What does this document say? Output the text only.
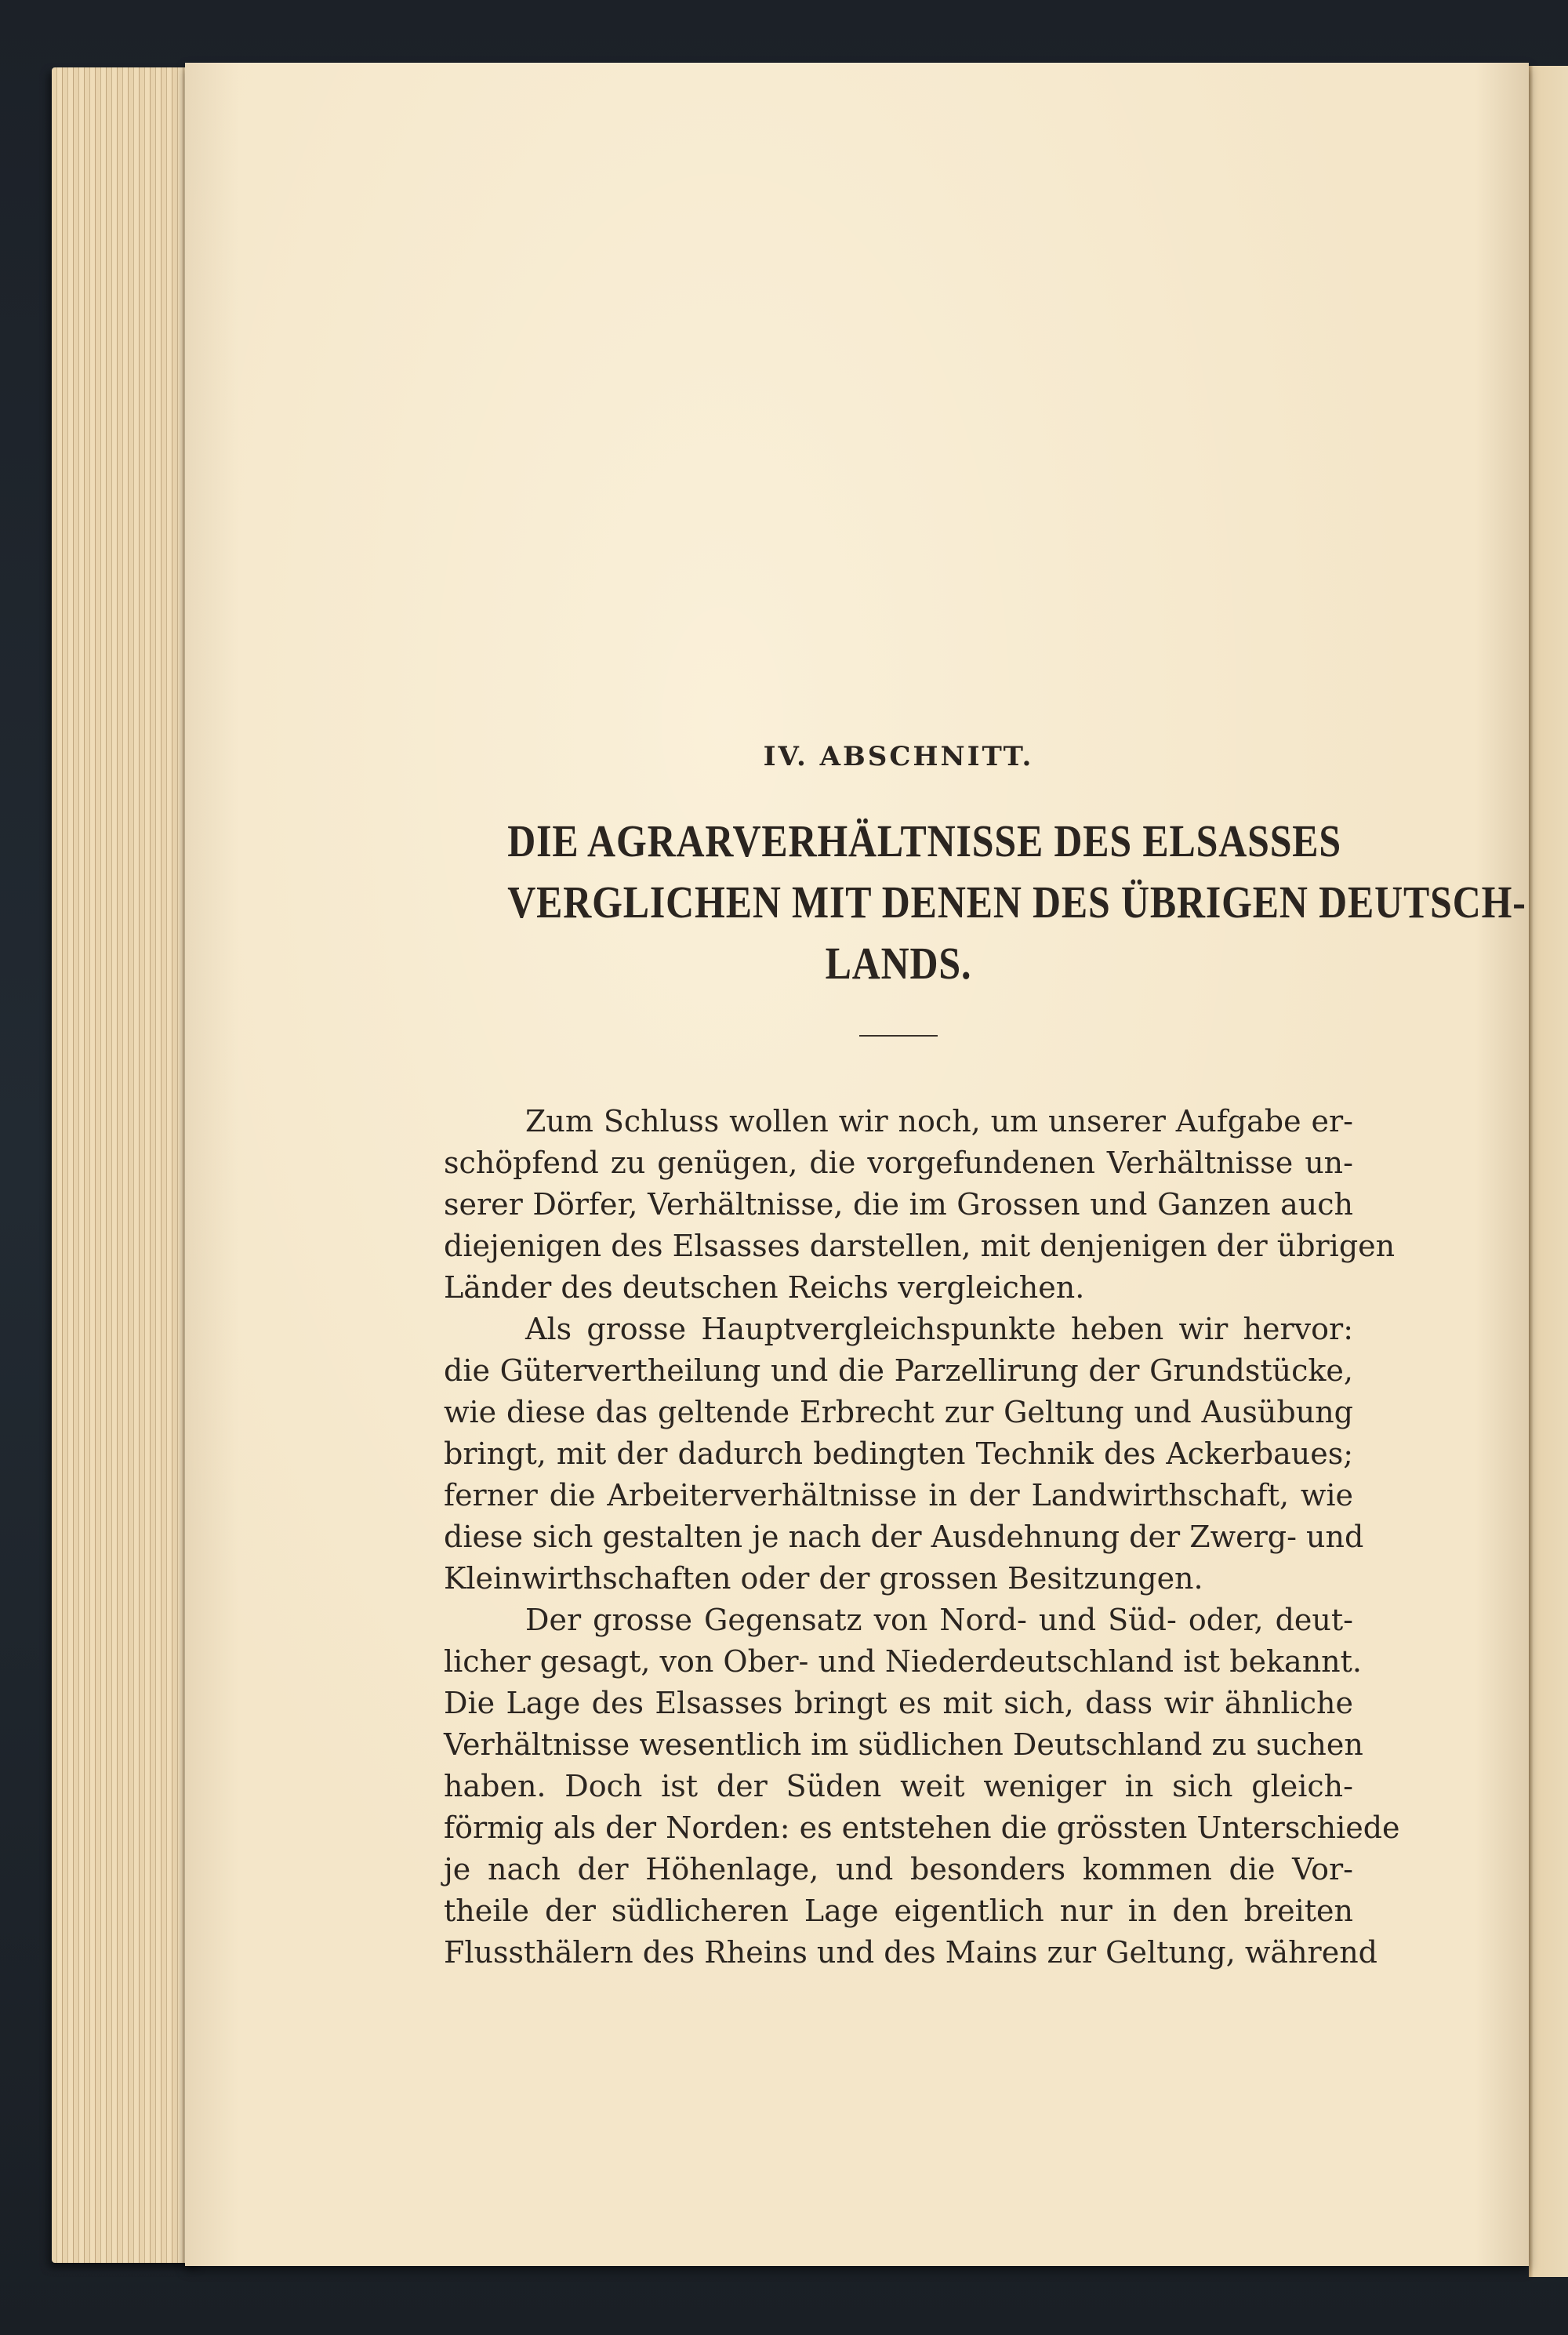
IV. ABSCHNITT.
DIE AGRARVERHÄLTNISSE DES ELSASSES
VERGLICHEN MIT DENEN DES ÜBRIGEN DEUTSCH-
LANDS.
Zum Schluss wollen wir noch, um unserer Aufgabe er-
schöpfend zu genügen, die vorgefundenen Verhältnisse un-
serer Dörfer, Verhältnisse, die im Grossen und Ganzen auch
diejenigen des Elsasses darstellen, mit denjenigen der übrigen
Länder des deutschen Reichs vergleichen.
Als grosse Hauptvergleichspunkte heben wir hervor:
die Gütervertheilung und die Parzellirung der Grundstücke,
wie diese das geltende Erbrecht zur Geltung und Ausübung
bringt, mit der dadurch bedingten Technik des Ackerbaues;
ferner die Arbeiterverhältnisse in der Landwirthschaft, wie
diese sich gestalten je nach der Ausdehnung der Zwerg- und
Kleinwirthschaften oder der grossen Besitzungen.
Der grosse Gegensatz von Nord- und Süd- oder, deut-
licher gesagt, von Ober- und Niederdeutschland ist bekannt.
Die Lage des Elsasses bringt es mit sich, dass wir ähnliche
Verhältnisse wesentlich im südlichen Deutschland zu suchen
haben. Doch ist der Süden weit weniger in sich gleich-
förmig als der Norden: es entstehen die grössten Unterschiede
je nach der Höhenlage, und besonders kommen die Vor-
theile der südlicheren Lage eigentlich nur in den breiten
Flussthälern des Rheins und des Mains zur Geltung, während
